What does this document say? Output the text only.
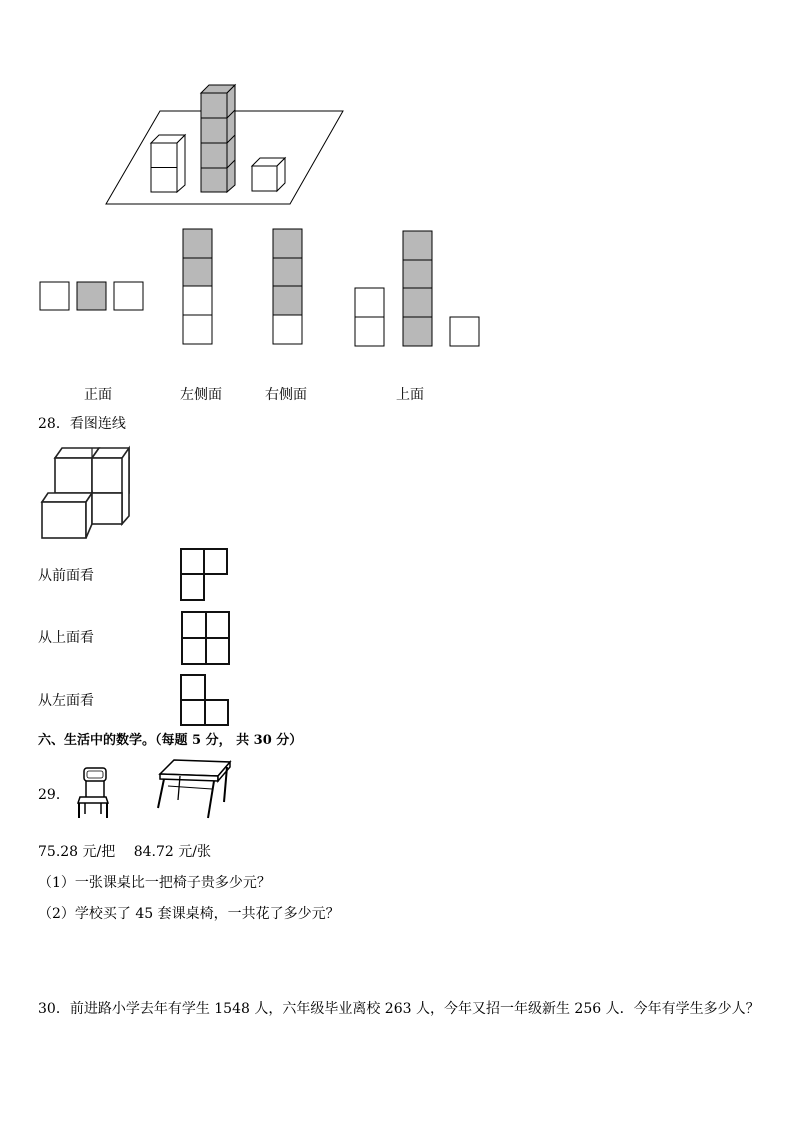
正面	左侧面	右侧面	上面
28．看图连线
从前面看
从上面看
从左面看
六、生活中的数学。（每题 5 分， 共 30 分）
29．
75.28 元/把　 84.72 元/张
（1）一张课桌比一把椅子贵多少元？
（2）学校买了 45 套课桌椅，一共花了多少元？
30．前进路小学去年有学生 1548 人，六年级毕业离校 263 人，今年又招一年级新生 256 人．今年有学生多少人？
